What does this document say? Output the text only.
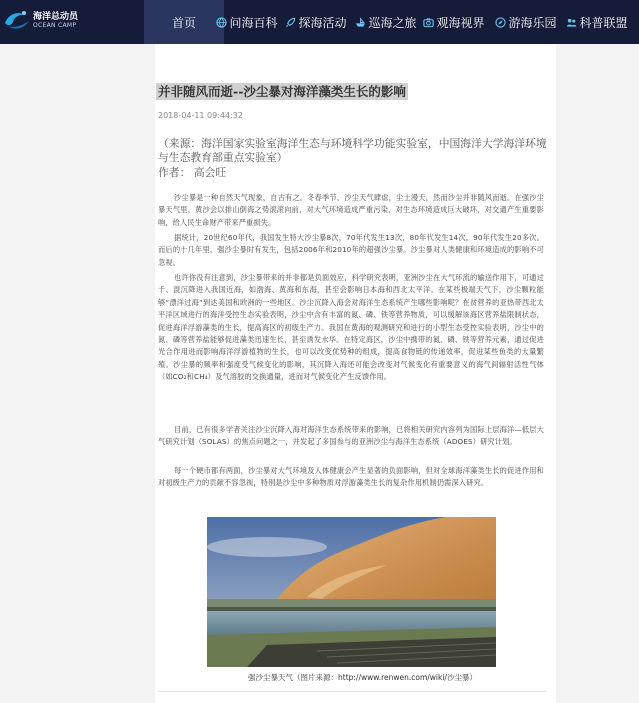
海洋总动员
OCEAN CAMP	首页	问海百科 探海活动 巡海之旅 观海视界 游海乐园 科普联盟
并非随风而逝--沙尘暴对海洋藻类生长的影响
2018-04-11 09:44:32
（来源：海洋国家实验室海洋生态与环境科学功能实验室，中国海洋大学海洋环境与生态教育部重点实验室）
作者： 高会旺
沙尘暴是一种自然天气现象，自古有之。冬春季节，沙尘天气肆虐，尘土漫天，然而沙尘并非随风而逝。在强沙尘暴天气里，黄沙会以排山倒海之势滚滚向前，对大气环境造成严重污染，对生态环境造成巨大破坏，对交通产生重要影响，给人民生命财产带来严重损失。
据统计，20世纪60年代，我国发生特大沙尘暴8次，70年代发生13次，80年代发生14次，90年代发生20多次。而后的十几年里，强沙尘暴时有发生，包括2006年和2010年的超强沙尘暴。沙尘暴对人类健康和环境造成的影响不可忽视。
也许你没有注意到，沙尘暴带来的并非都是负面效应，科学研究表明，亚洲沙尘在大气环流的输送作用下，可通过千、混沉降进入我国近海，如渤海、黄海和东海，甚至会影响日本海和西北太平洋。在某些极端天气下，沙尘颗粒能够“漂洋过海”到达美国和欧洲的一些地区。沙尘沉降入海会对海洋生态系统产生哪些影响呢？在贫营养的亚热带西北太平洋区域进行的海洋受控生态实验表明，沙尘中含有丰富的氮、磷、铁等营养物质，可以缓解该海区营养盐限制状态，促进海洋浮游藻类的生长，提高海区的初级生产力。我国在黄海的观测研究和进行的小型生态受控实验表明，沙尘中的氮、磷等营养盐能够促进藻类迅速生长，甚至诱发水华。在特定海区，沙尘中携带的氮、磷、铁等营养元素，通过促进光合作用进而影响海洋浮游植物的生长，也可以改变优势种的组成，提高食物链的传递效率，促进某些鱼类的大量繁殖。沙尘暴的频率和强度受气候变化的影响，其沉降入海还可能会改变对气候变化有重要意义的海气间辐射活性气体（如CO₂和CH₄）及气溶胶的交换通量，进而对气候变化产生反馈作用。
目前，已有很多学者关注沙尘沉降入海对海洋生态系统带来的影响，已将相关研究内容列为国际上层海洋—低层大气研究计划（SOLAS）的焦点问题之一，并发起了多国参与的亚洲沙尘与海洋生态系统（ADOES）研究计划。
每一个硬币都有两面，沙尘暴对大气环境及人体健康会产生显著的负面影响，但对全球海洋藻类生长的促进作用和对初级生产力的贡献不容忽视，特别是沙尘中多种物质对浮游藻类生长的复杂作用机制仍需深入研究。
强沙尘暴天气（图片来源：http://www.renwen.com/wiki/沙尘暴）
